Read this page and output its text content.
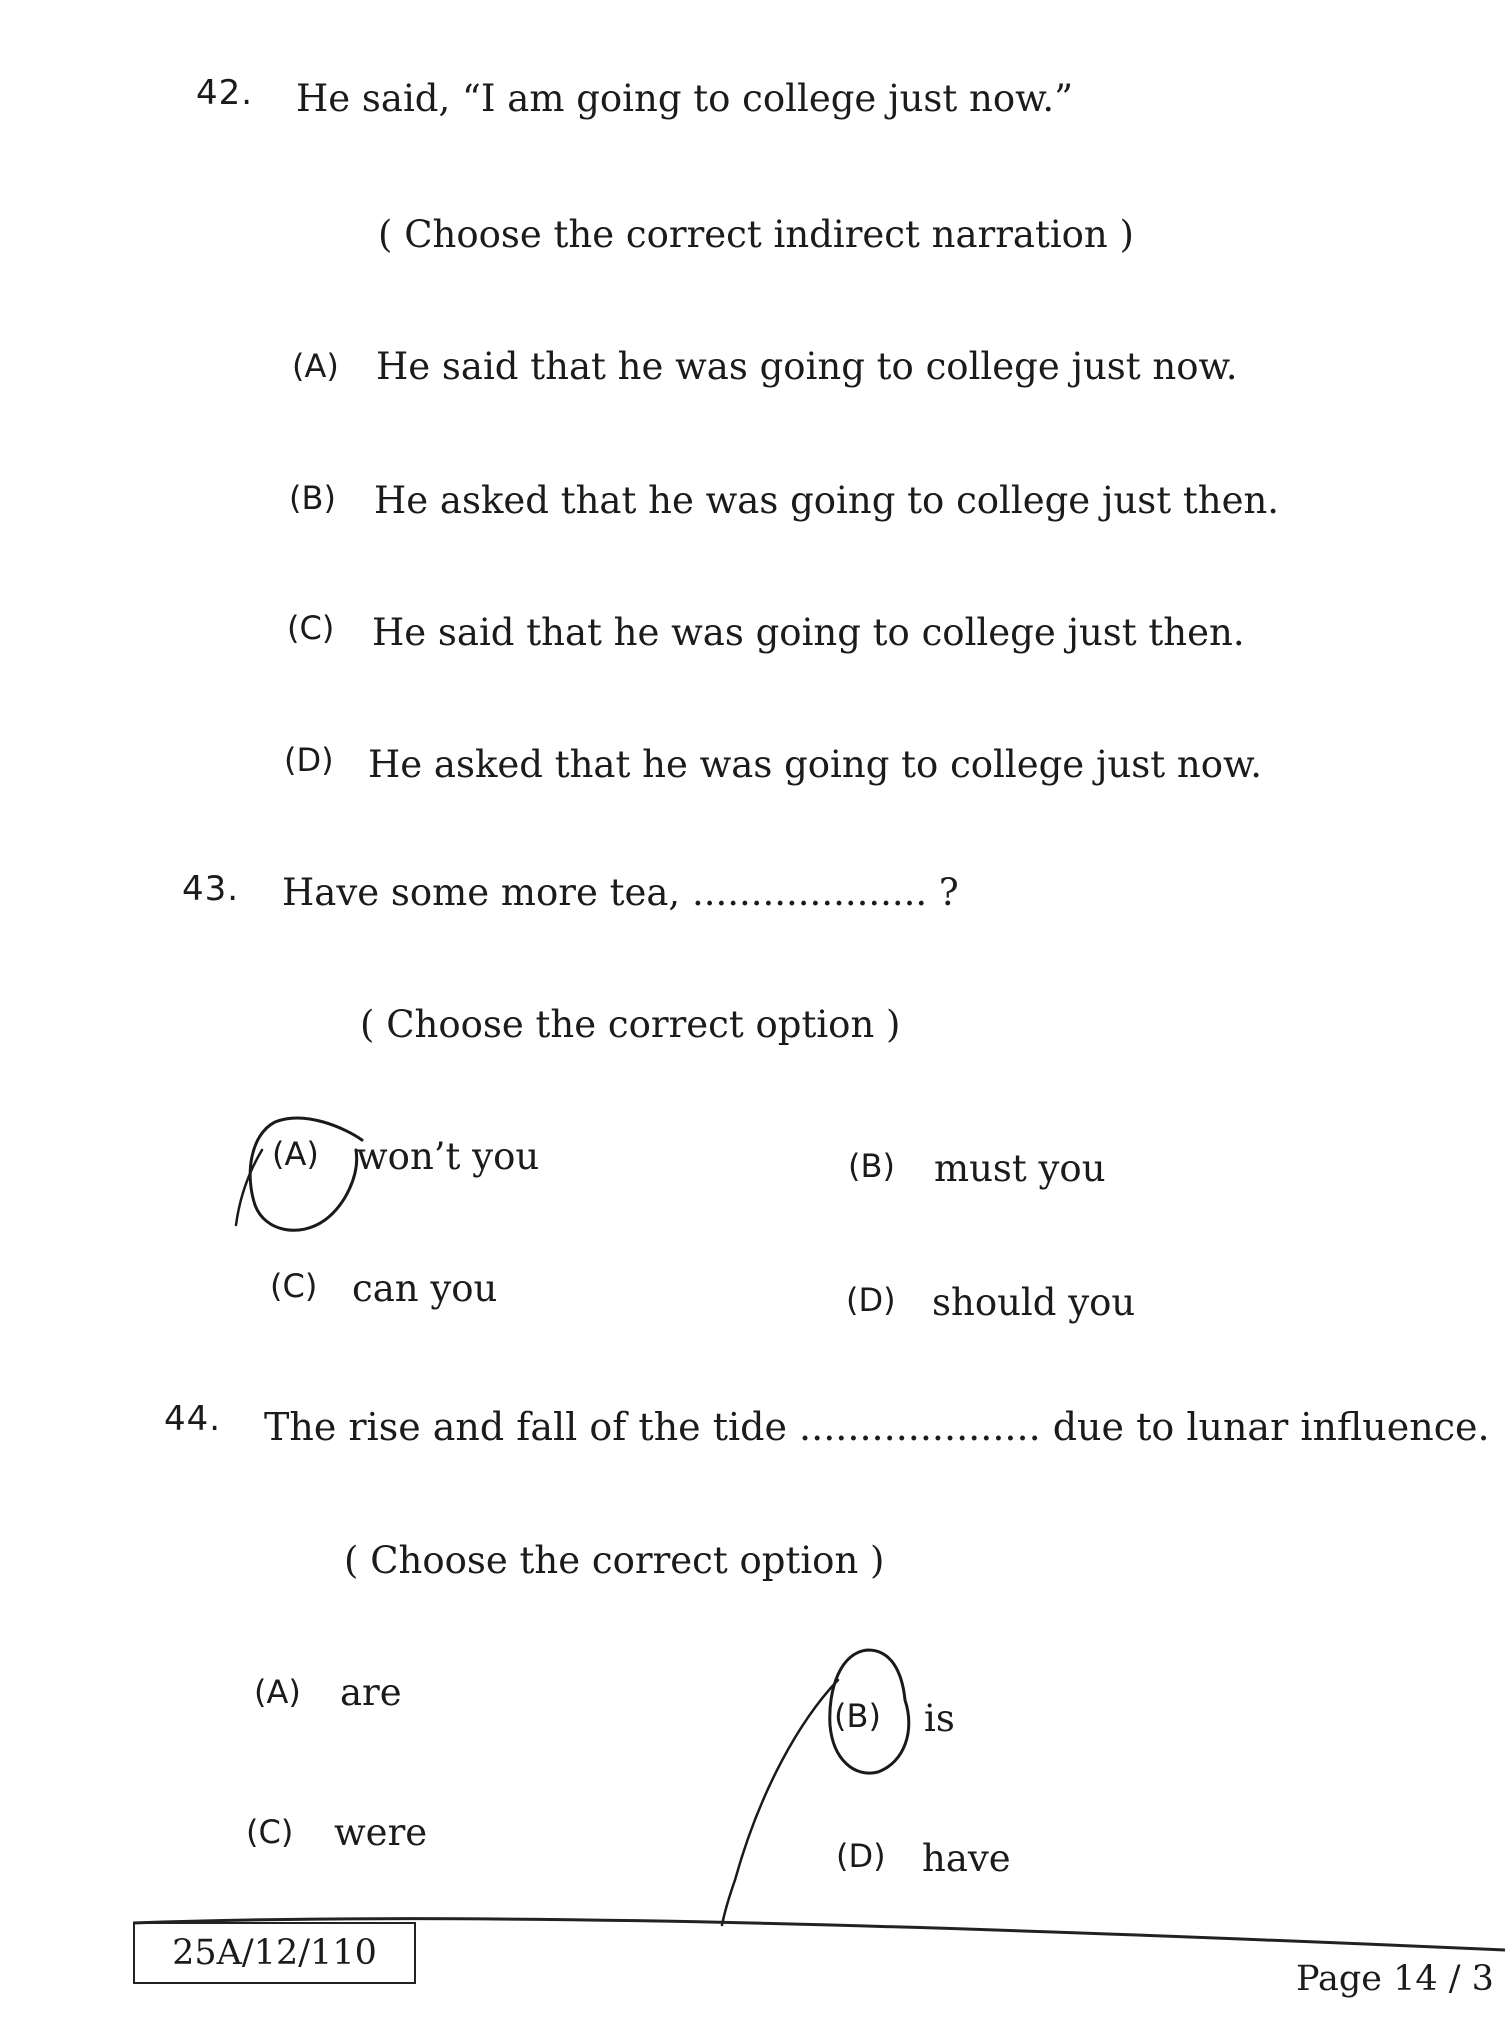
42. He said, “I am going to college just now.”
( Choose the correct indirect narration )
(A) He said that he was going to college just now.
(B) He asked that he was going to college just then.
(C) He said that he was going to college just then.
(D) He asked that he was going to college just now.
43. Have some more tea, .................... ?
( Choose the correct option )
(A) won’t you	(B) must you
(C) can you	(D) should you
44. The rise and fall of the tide .................... due to lunar influence.
( Choose the correct option )
(A) are
(B) is
(C) were
(D) have
25A/12/110
Page 14 / 3
